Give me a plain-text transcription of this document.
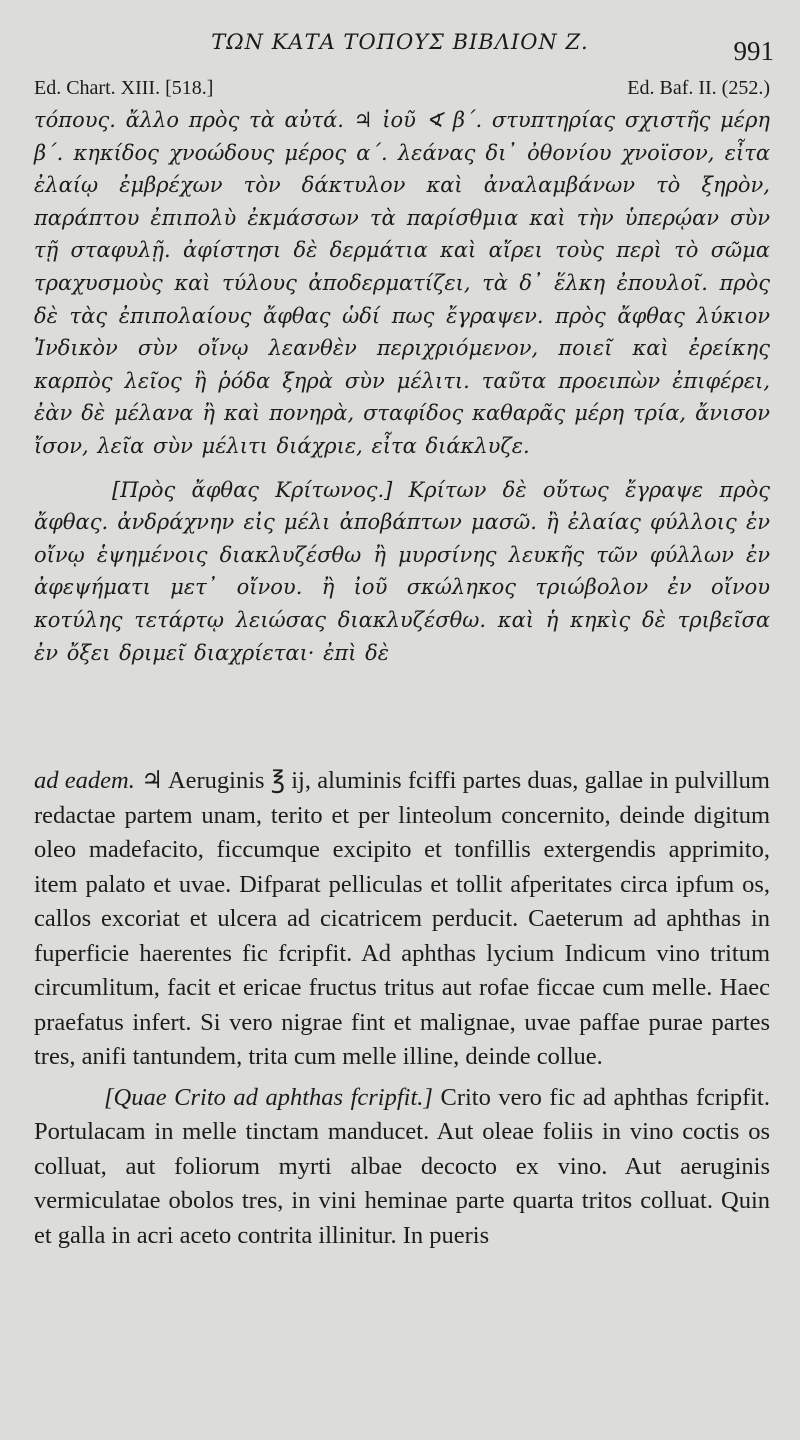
ΤΩΝ ΚΑΤΑ ΤΟΠΟΥΣ ΒΙΒΛΙΟΝ Ζ.	991
Ed. Chart. XIII. [518.]	Ed. Baf. II. (252.)

τόπους. ἄλλο πρὸς τὰ αὐτά. ♃ ἰοῦ ∢ β΄. στυπτηρίας σχιστῆς μέρη β΄. κηκίδος χνοώδους μέρος α΄. λεάνας δι᾽ ὀθονίου χνοϊσον, εἶτα ἐλαίῳ ἐμβρέχων τὸν δάκτυλον καὶ ἀναλαμβάνων τὸ ξηρὸν, παράπτου ἐπιπολὺ ἐκμάσσων τὰ παρίσθμια καὶ τὴν ὑπερῴαν σὺν τῇ σταφυλῇ. ἀφίστησι δὲ δερμάτια καὶ αἴρει τοὺς περὶ τὸ σῶμα τραχυσμοὺς καὶ τύλους ἀποδερματίζει, τὰ δ᾽ ἕλκη ἐπουλοῖ. πρὸς δὲ τὰς ἐπιπολαίους ἄφθας ὡδί πως ἔγραψεν. πρὸς ἄφθας λύκιον Ἰνδικὸν σὺν οἴνῳ λεανθὲν περιχριόμενον, ποιεῖ καὶ ἐρείκης καρπὸς λεῖος ἢ ῥόδα ξηρὰ σὺν μέλιτι. ταῦτα προειπὼν ἐπιφέρει, ἐὰν δὲ μέλανα ἢ καὶ πονηρὰ, σταφίδος καθαρᾶς μέρη τρία, ἄνισον ἴσον, λεῖα σὺν μέλιτι διάχριε, εἶτα διάκλυζε.

[Πρὸς ἄφθας Κρίτωνος.] Κρίτων δὲ οὕτως ἔγραψε πρὸς ἄφθας. ἀνδράχνην εἰς μέλι ἀποβάπτων μασῶ. ἢ ἐλαίας φύλλοις ἐν οἴνῳ ἑψημένοις διακλυζέσθω ἢ μυρσίνης λευκῆς τῶν φύλλων ἐν ἀφεψήματι μετ᾽ οἴνου. ἢ ἰοῦ σκώληκος τριώβολον ἐν οἴνου κοτύλης τετάρτῳ λειώσας διακλυζέσθω. καὶ ἡ κηκὶς δὲ τριβεῖσα ἐν ὄξει δριμεῖ διαχρίεται· ἐπὶ δὲ

ad eadem. ♃ Aeruginis ℥ ij, aluminis fciffi partes duas, gallae in pulvillum redactae partem unam, terito et per linteolum concernito, deinde digitum oleo madefacito, ficcumque excipito et tonfillis extergendis apprimito, item palato et uvae. Difparat pelliculas et tollit afperitates circa ipfum os, callos excoriat et ulcera ad cicatricem perducit. Caeterum ad aphthas in fuperficie haerentes fic fcripfit. Ad aphthas lycium Indicum vino tritum circumlitum, facit et ericae fructus tritus aut rofae ficcae cum melle. Haec praefatus infert. Si vero nigrae fint et malignae, uvae paffae purae partes tres, anifi tantundem, trita cum melle illine, deinde collue.

[Quae Crito ad aphthas fcripfit.] Crito vero fic ad aphthas fcripfit. Portulacam in melle tinctam manducet. Aut oleae foliis in vino coctis os colluat, aut foliorum myrti albae decocto ex vino. Aut aeruginis vermiculatae obolos tres, in vini heminae parte quarta tritos colluat. Quin et galla in acri aceto contrita illinitur. In pueris
